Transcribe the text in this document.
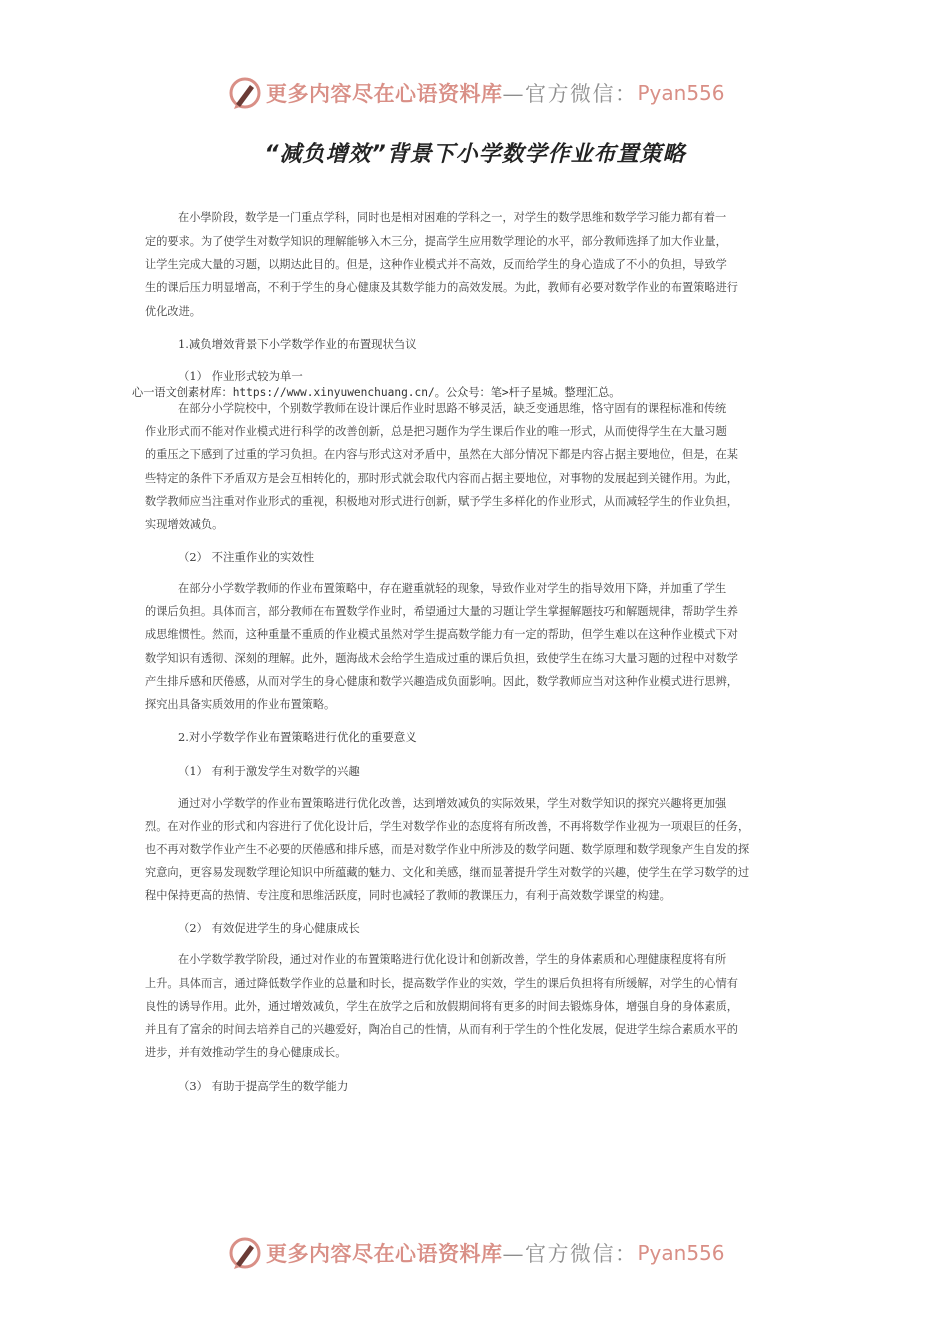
更多内容尽在心语资料库 —官方微信： Pyan556
“减负增效”背景下小学数学作业布置策略

在小學阶段，数学是一门重点学科，同时也是相对困难的学科之一，对学生的数学思维和数学学习能力都有着一

定的要求。为了使学生对数学知识的理解能够入木三分，提高学生应用数学理论的水平，部分教师选择了加大作业量，

让学生完成大量的习题，以期达此目的。但是，这种作业模式并不高效，反而给学生的身心造成了不小的负担，导致学

生的课后压力明显增高，不利于学生的身心健康及其数学能力的高效发展。为此，教师有必要对数学作业的布置策略进行

优化改进。

1.减负增效背景下小学数学作业的布置现状刍议

（1） 作业形式较为单一

心一语文创素材库：https://www.xinyuwenchuang.cn/。公众号：笔>杆子星城。整理汇总。

在部分小学院校中，个别数学教师在设计课后作业时思路不够灵活，缺乏变通思维，恪守固有的课程标准和传统

作业形式而不能对作业模式进行科学的改善创新，总是把习题作为学生课后作业的唯一形式，从而使得学生在大量习题

的重压之下感到了过重的学习负担。在内容与形式这对矛盾中，虽然在大部分情况下都是内容占据主要地位，但是，在某

些特定的条件下矛盾双方是会互相转化的，那时形式就会取代内容而占据主要地位，对事物的发展起到关键作用。为此，

数学教师应当注重对作业形式的重视，积极地对形式进行创新，赋予学生多样化的作业形式，从而减轻学生的作业负担，

实现增效减负。

（2） 不注重作业的实效性

在部分小学数学教师的作业布置策略中，存在避重就轻的现象，导致作业对学生的指导效用下降，并加重了学生

的课后负担。具体而言，部分教师在布置数学作业时，希望通过大量的习题让学生掌握解题技巧和解题规律，帮助学生养

成思维惯性。然而，这种重量不重质的作业模式虽然对学生提高数学能力有一定的帮助，但学生难以在这种作业模式下对

数学知识有透彻、深刻的理解。此外，题海战术会给学生造成过重的课后负担，致使学生在练习大量习题的过程中对数学

产生排斥感和厌倦感，从而对学生的身心健康和数学兴趣造成负面影响。因此，数学教师应当对这种作业模式进行思辨，

探究出具备实质效用的作业布置策略。

2.对小学数学作业布置策略进行优化的重要意义

（1） 有利于激发学生对数学的兴趣

通过对小学数学的作业布置策略进行优化改善，达到增效减负的实际效果，学生对数学知识的探究兴趣将更加强

烈。在对作业的形式和内容进行了优化设计后，学生对数学作业的态度将有所改善，不再将数学作业视为一项艰巨的任务，

也不再对数学作业产生不必要的厌倦感和排斥感，而是对数学作业中所涉及的数学问题、数学原理和数学现象产生自发的探

究意向，更容易发现数学理论知识中所蕴藏的魅力、文化和美感，继而显著提升学生对数学的兴趣，使学生在学习数学的过

程中保持更高的热情、专注度和思维活跃度，同时也减轻了教师的教课压力，有利于高效数学课堂的构建。

（2） 有效促进学生的身心健康成长

在小学数学教学阶段，通过对作业的布置策略进行优化设计和创新改善，学生的身体素质和心理健康程度将有所

上升。具体而言，通过降低数学作业的总量和时长，提高数学作业的实效，学生的课后负担将有所缓解，对学生的心情有

良性的诱导作用。此外，通过增效减负，学生在放学之后和放假期间将有更多的时间去锻炼身体，增强自身的身体素质，

并且有了富余的时间去培养自己的兴趣爱好，陶冶自己的性情，从而有利于学生的个性化发展，促进学生综合素质水平的

进步，并有效推动学生的身心健康成长。

（3） 有助于提高学生的数学能力

更多内容尽在心语资料库 —官方微信： Pyan556
